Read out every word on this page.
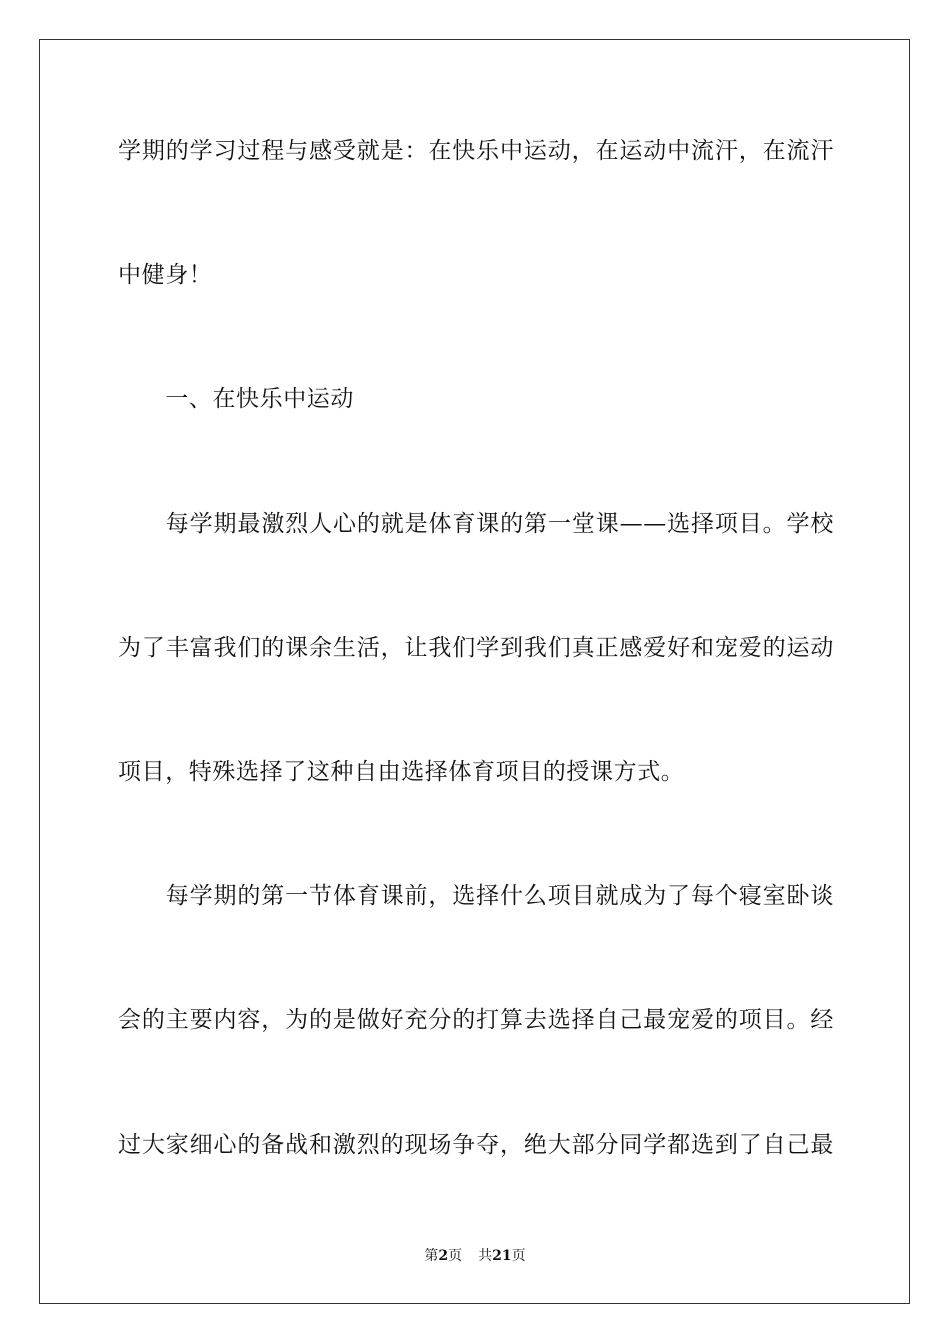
学期的学习过程与感受就是：在快乐中运动，在运动中流汗，在流汗
中健身！
　　一、在快乐中运动
　　每学期最激烈人心的就是体育课的第一堂课——选择项目。学校
为了丰富我们的课余生活，让我们学到我们真正感爱好和宠爱的运动
项目，特殊选择了这种自由选择体育项目的授课方式。
　　每学期的第一节体育课前，选择什么项目就成为了每个寝室卧谈
会的主要内容，为的是做好充分的打算去选择自己最宠爱的项目。经
过大家细心的备战和激烈的现场争夺，绝大部分同学都选到了自己最
第2页 共21页
